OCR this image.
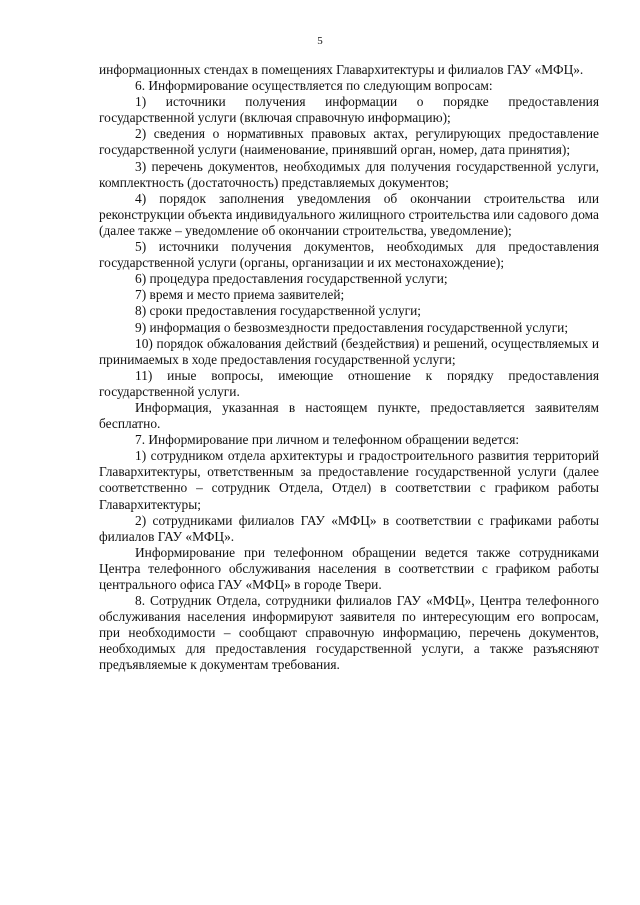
5

информационных стендах в помещениях Главархитектуры и филиалов ГАУ «МФЦ».

6. Информирование осуществляется по следующим вопросам:

1) источники получения информации о порядке предоставления государственной услуги (включая справочную информацию);

2) сведения о нормативных правовых актах, регулирующих предоставление государственной услуги (наименование, принявший орган, номер, дата принятия);

3) перечень документов, необходимых для получения государственной услуги, комплектность (достаточность) представляемых документов;

4) порядок заполнения уведомления об окончании строительства или реконструкции объекта индивидуального жилищного строительства или садового дома (далее также – уведомление об окончании строительства, уведомление);

5) источники получения документов, необходимых для предоставления государственной услуги (органы, организации и их местонахождение);

6) процедура предоставления государственной услуги;

7) время и место приема заявителей;

8) сроки предоставления государственной услуги;

9) информация о безвозмездности предоставления государственной услуги;

10) порядок обжалования действий (бездействия) и решений, осуществляемых и принимаемых в ходе предоставления государственной услуги;

11) иные вопросы, имеющие отношение к порядку предоставления государственной услуги.

Информация, указанная в настоящем пункте, предоставляется заявителям бесплатно.

7. Информирование при личном и телефонном обращении ведется:

1) сотрудником отдела архитектуры и градостроительного развития территорий Главархитектуры, ответственным за предоставление государственной услуги (далее соответственно – сотрудник Отдела, Отдел) в соответствии с графиком работы Главархитектуры;

2) сотрудниками филиалов ГАУ «МФЦ» в соответствии с графиками работы филиалов ГАУ «МФЦ».

Информирование при телефонном обращении ведется также сотрудниками Центра телефонного обслуживания населения в соответствии с графиком работы центрального офиса ГАУ «МФЦ» в городе Твери.

8. Сотрудник Отдела, сотрудники филиалов ГАУ «МФЦ», Центра телефонного обслуживания населения информируют заявителя по интересующим его вопросам, при необходимости – сообщают справочную информацию, перечень документов, необходимых для предоставления государственной услуги, а также разъясняют предъявляемые к документам требования.
